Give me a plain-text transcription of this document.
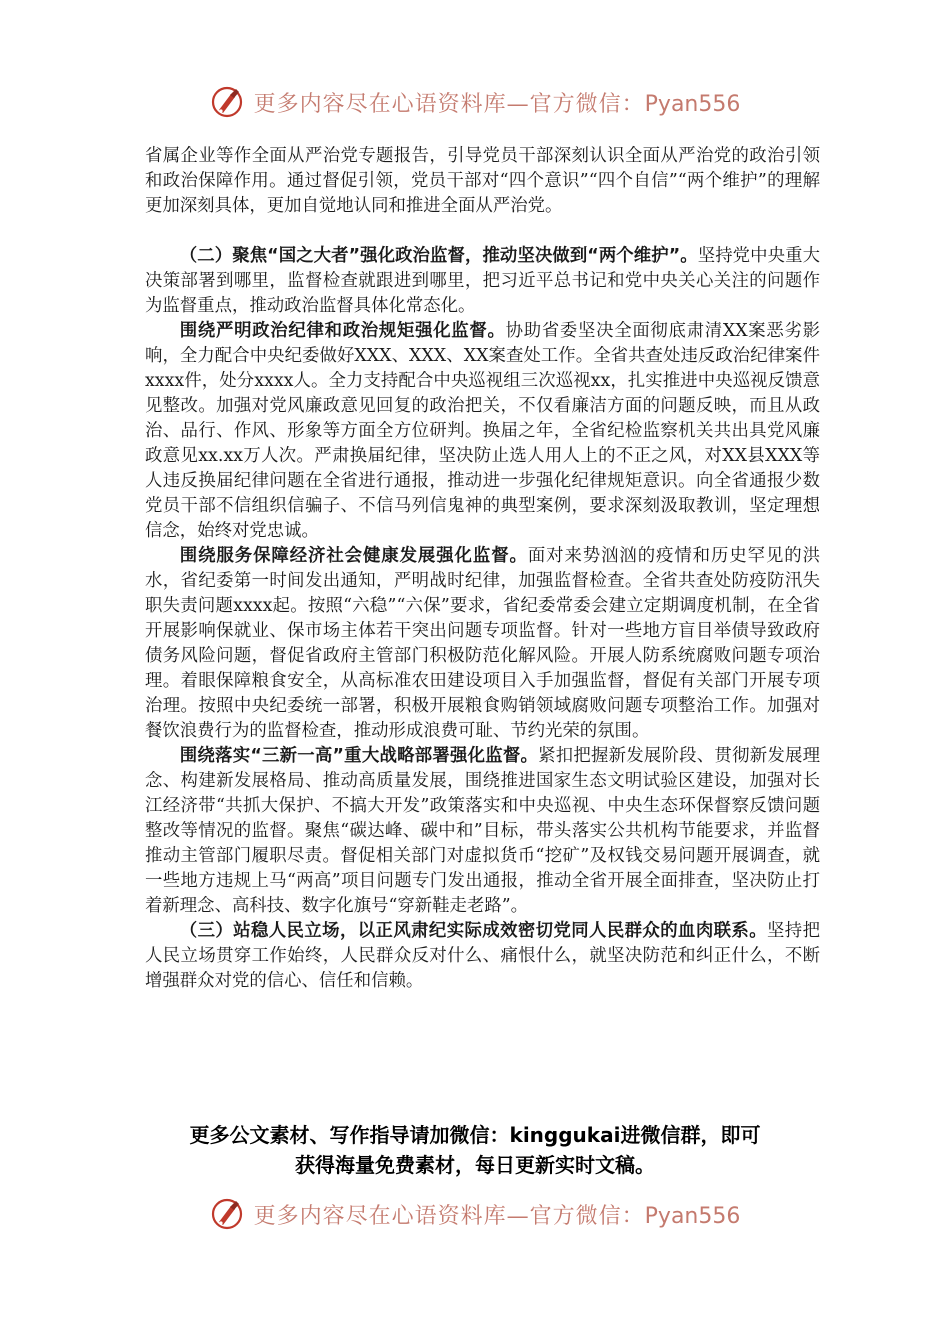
更多内容尽在心语资料库—官方微信：Pyan556

省属企业等作全面从严治党专题报告，引导党员干部深刻认识全面从严治党的政治引领和政治保障作用。通过督促引领，党员干部对“四个意识”“四个自信”“两个维护”的理解更加深刻具体，更加自觉地认同和推进全面从严治党。

（二）聚焦“国之大者”强化政治监督，推动坚决做到“两个维护”。坚持党中央重大决策部署到哪里，监督检查就跟进到哪里，把习近平总书记和党中央关心关注的问题作为监督重点，推动政治监督具体化常态化。

围绕严明政治纪律和政治规矩强化监督。协助省委坚决全面彻底肃清XX案恶劣影响，全力配合中央纪委做好XXX、XXX、XX案查处工作。全省共查处违反政治纪律案件xxxx件，处分xxxx人。全力支持配合中央巡视组三次巡视xx，扎实推进中央巡视反馈意见整改。加强对党风廉政意见回复的政治把关，不仅看廉洁方面的问题反映，而且从政治、品行、作风、形象等方面全方位研判。换届之年，全省纪检监察机关共出具党风廉政意见xx.xx万人次。严肃换届纪律，坚决防止选人用人上的不正之风，对XX县XXX等人违反换届纪律问题在全省进行通报，推动进一步强化纪律规矩意识。向全省通报少数党员干部不信组织信骗子、不信马列信鬼神的典型案例，要求深刻汲取教训，坚定理想信念，始终对党忠诚。

围绕服务保障经济社会健康发展强化监督。面对来势汹汹的疫情和历史罕见的洪水，省纪委第一时间发出通知，严明战时纪律，加强监督检查。全省共查处防疫防汛失职失责问题xxxx起。按照“六稳”“六保”要求，省纪委常委会建立定期调度机制，在全省开展影响保就业、保市场主体若干突出问题专项监督。针对一些地方盲目举债导致政府债务风险问题，督促省政府主管部门积极防范化解风险。开展人防系统腐败问题专项治理。着眼保障粮食安全，从高标准农田建设项目入手加强监督，督促有关部门开展专项治理。按照中央纪委统一部署，积极开展粮食购销领域腐败问题专项整治工作。加强对餐饮浪费行为的监督检查，推动形成浪费可耻、节约光荣的氛围。

围绕落实“三新一高”重大战略部署强化监督。紧扣把握新发展阶段、贯彻新发展理念、构建新发展格局、推动高质量发展，围绕推进国家生态文明试验区建设，加强对长江经济带“共抓大保护、不搞大开发”政策落实和中央巡视、中央生态环保督察反馈问题整改等情况的监督。聚焦“碳达峰、碳中和”目标，带头落实公共机构节能要求，并监督推动主管部门履职尽责。督促相关部门对虚拟货币“挖矿”及权钱交易问题开展调查，就一些地方违规上马“两高”项目问题专门发出通报，推动全省开展全面排查，坚决防止打着新理念、高科技、数字化旗号“穿新鞋走老路”。

（三）站稳人民立场，以正风肃纪实际成效密切党同人民群众的血肉联系。坚持把人民立场贯穿工作始终，人民群众反对什么、痛恨什么，就坚决防范和纠正什么，不断增强群众对党的信心、信任和信赖。

更多公文素材、写作指导请加微信：kinggukai进微信群，即可
获得海量免费素材，每日更新实时文稿。
更多内容尽在心语资料库—官方微信：Pyan556
